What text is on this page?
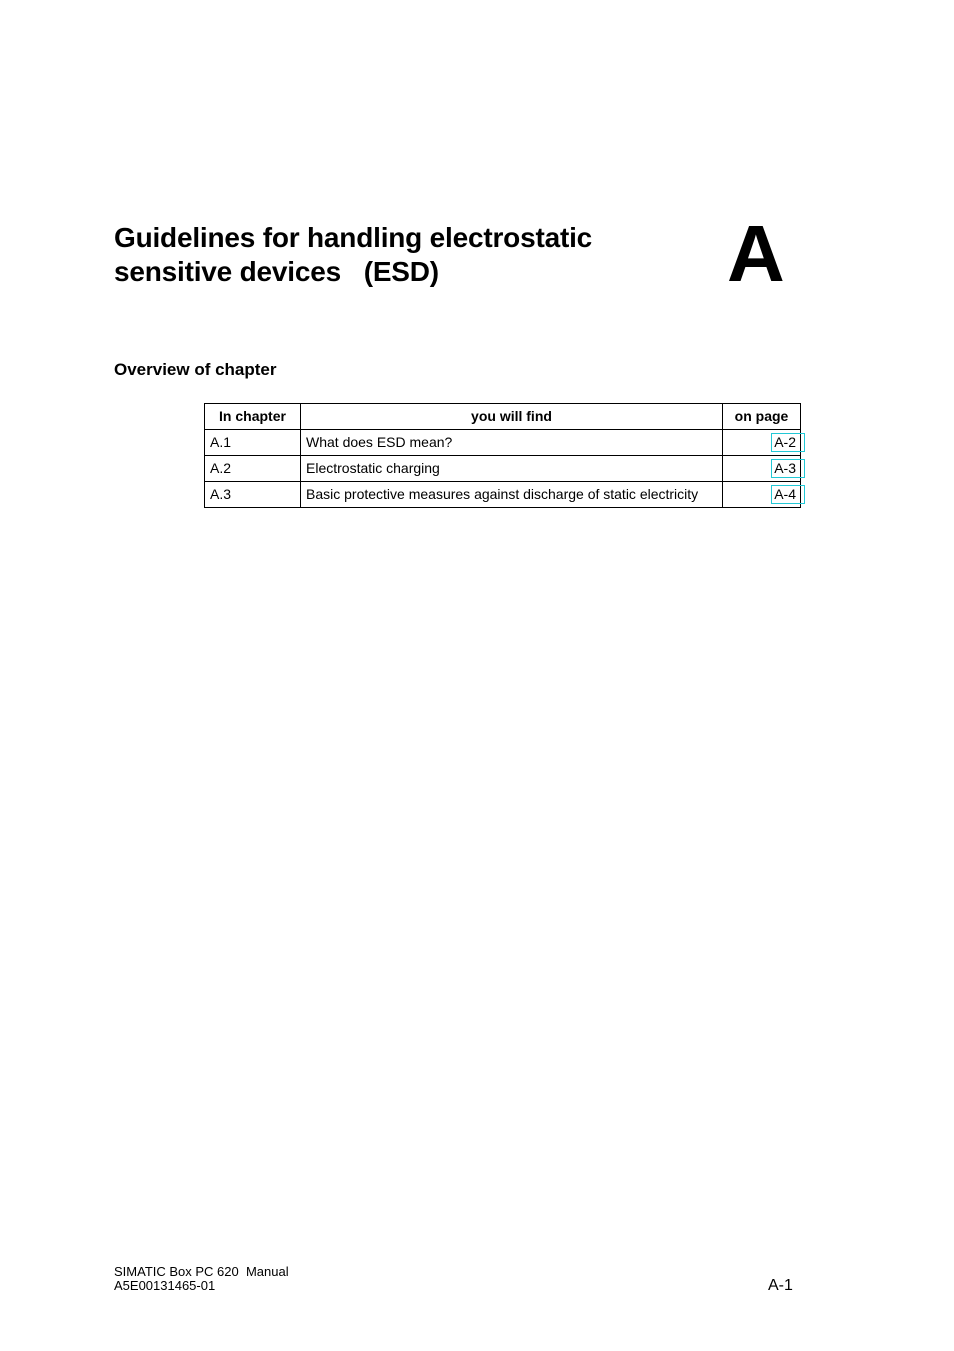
Guidelines for handling electrostatic
sensitive devices   (ESD)	A
Overview of chapter
In chapter	you will find	on page
A.1	What does ESD mean?	A-2
A.2	Electrostatic charging	A-3
A.3	Basic protective measures against discharge of static electricity	A-4
SIMATIC Box PC 620  Manual
A5E00131465-01	A-1
